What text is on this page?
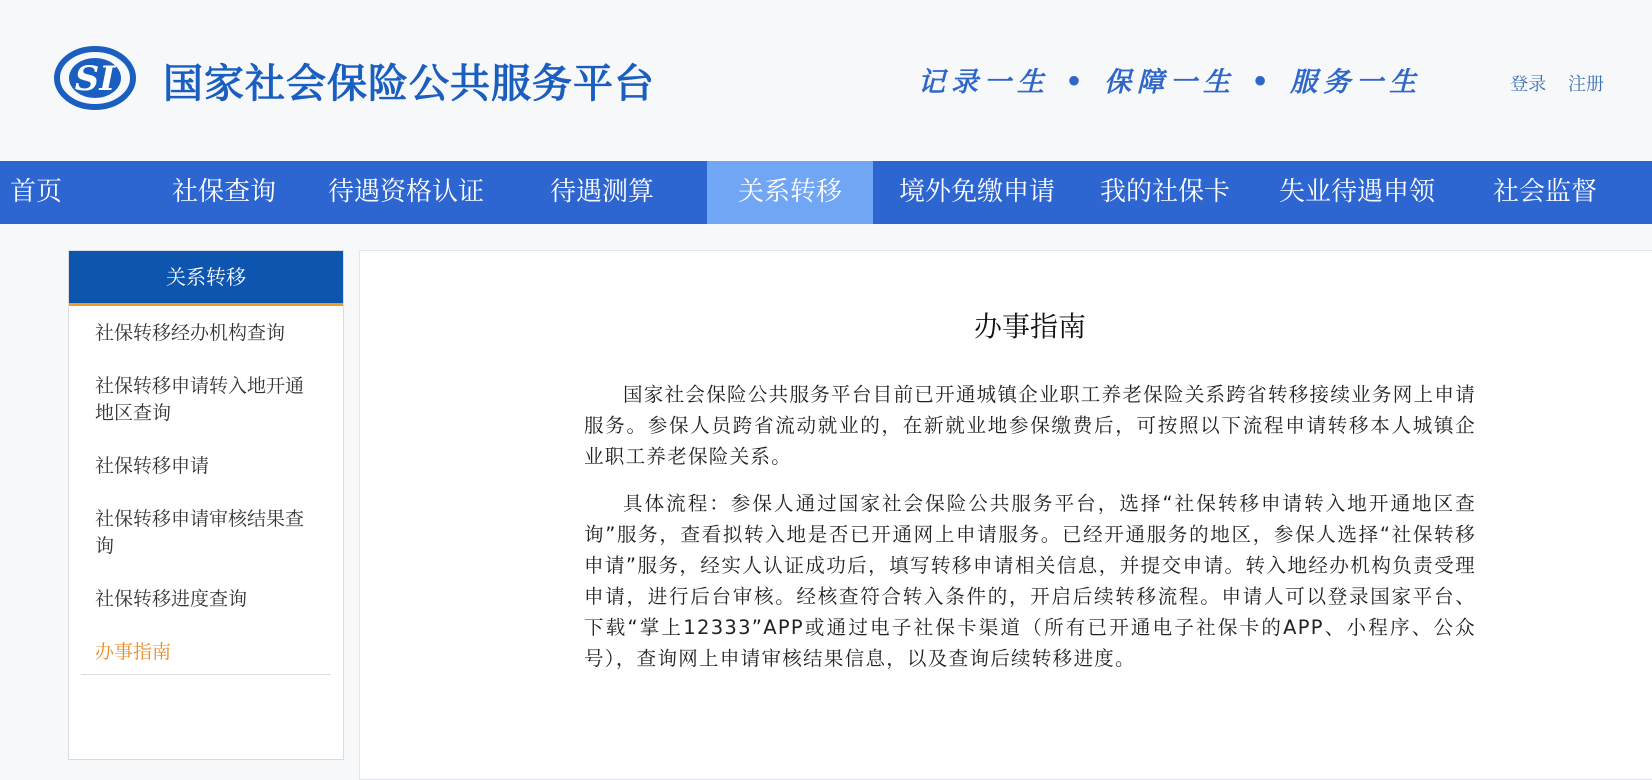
SI 国家社会保险公共服务平台	记录一生 • 保障一生 • 服务一生	登录 注册
首页	社保查询	待遇资格认证	待遇测算	关系转移	境外免缴申请	我的社保卡	失业待遇申领	社会监督
关系转移
社保转移经办机构查询
社保转移申请转入地开通地区查询
社保转移申请
社保转移申请审核结果查询
社保转移进度查询
办事指南
办事指南
国家社会保险公共服务平台目前已开通城镇企业职工养老保险关系跨省转移接续业务网上申请服务。参保人员跨省流动就业的，在新就业地参保缴费后，可按照以下流程申请转移本人城镇企业职工养老保险关系。
具体流程：参保人通过国家社会保险公共服务平台，选择“社保转移申请转入地开通地区查询”服务，查看拟转入地是否已开通网上申请服务。已经开通服务的地区，参保人选择“社保转移申请”服务，经实人认证成功后，填写转移申请相关信息，并提交申请。转入地经办机构负责受理申请，进行后台审核。经核查符合转入条件的，开启后续转移流程。申请人可以登录国家平台、下载“掌上12333”APP或通过电子社保卡渠道（所有已开通电子社保卡的APP、小程序、公众号），查询网上申请审核结果信息，以及查询后续转移进度。
